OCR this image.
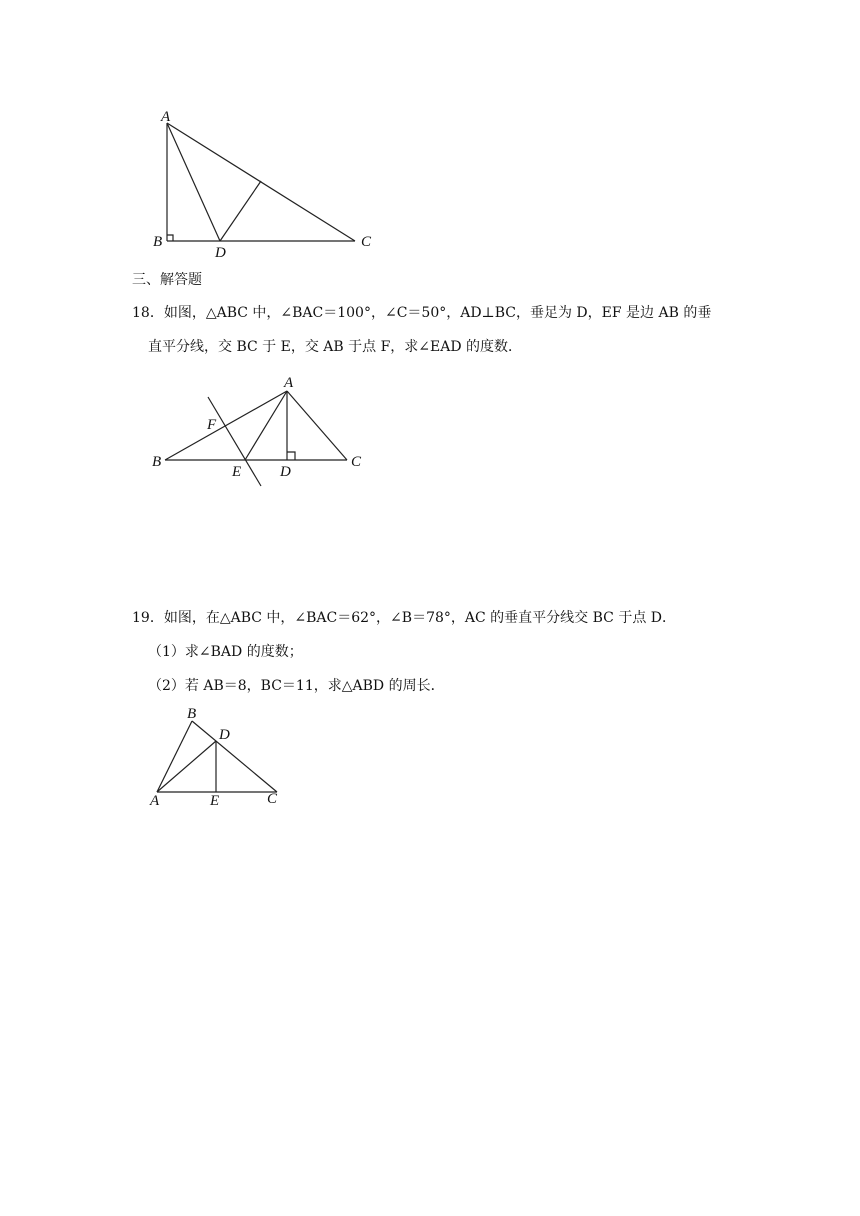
A
B
D
C
三、解答题
18．如图，△ABC 中，∠BAC＝100°，∠C＝50°，AD⊥BC，垂足为 D，EF 是边 AB 的垂
直平分线，交 BC 于 E，交 AB 于点 F，求∠EAD 的度数．
A
F
B
E	D
C
19．如图，在△ABC 中，∠BAC＝62°，∠B＝78°，AC 的垂直平分线交 BC 于点 D．
（1）求∠BAD 的度数；
（2）若 AB＝8，BC＝11，求△ABD 的周长．
B
D
A	E	C
